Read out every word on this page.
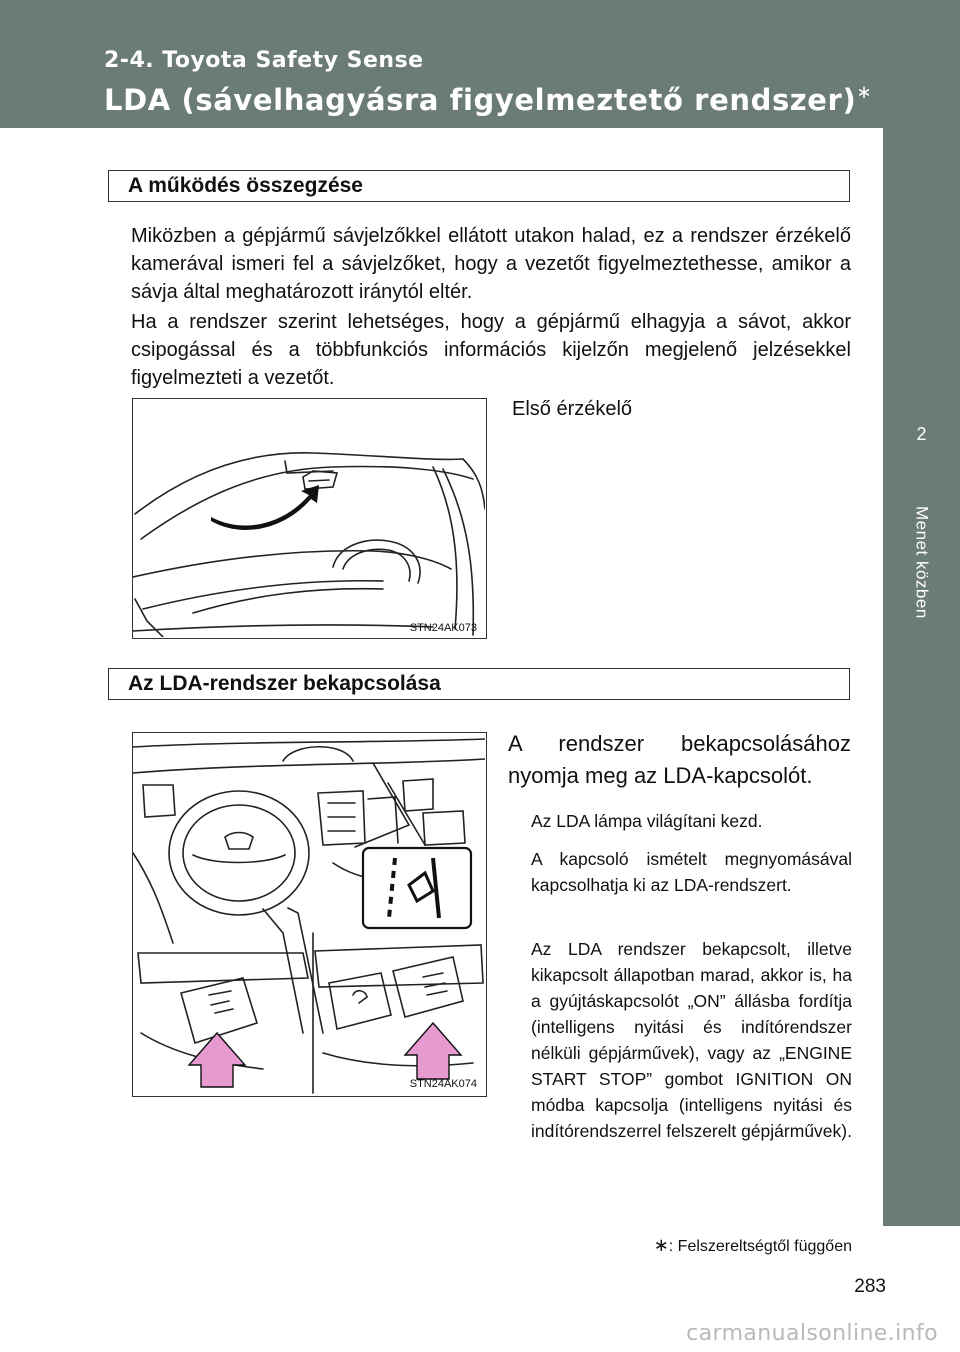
2-4. Toyota Safety Sense
LDA (sávelhagyásra figyelmeztető rendszer)∗
2
Menet közben
A működés összegzése
Miközben a gépjármű sávjelzőkkel ellátott utakon halad, ez a rendszer érzékelő kamerával ismeri fel a sávjelzőket, hogy a vezetőt figyelmeztethesse, amikor a sávja által meghatározott iránytól eltér.
Ha a rendszer szerint lehetséges, hogy a gépjármű elhagyja a sávot, akkor csipogással és a többfunkciós információs kijelzőn megjelenő jelzésekkel figyelmezteti a vezetőt.
STN24AK073
Első érzékelő
Az LDA-rendszer bekapcsolása
STN24AK074
A rendszer bekapcsolásához nyomja meg az LDA-kapcsolót.
Az LDA lámpa világítani kezd.
A kapcsoló ismételt megnyomásával kapcsolhatja ki az LDA-rendszert.
Az LDA rendszer bekapcsolt, illetve kikapcsolt állapotban marad, akkor is, ha a gyújtáskapcsolót „ON” állásba fordítja (intelligens nyitási és indítórendszer nélküli gépjárművek), vagy az „ENGINE START STOP” gombot IGNITION ON módba kapcsolja (intelligens nyitási és indítórendszerrel felszerelt gépjárművek).
∗: Felszereltségtől függően
283
carmanualsonline.info
